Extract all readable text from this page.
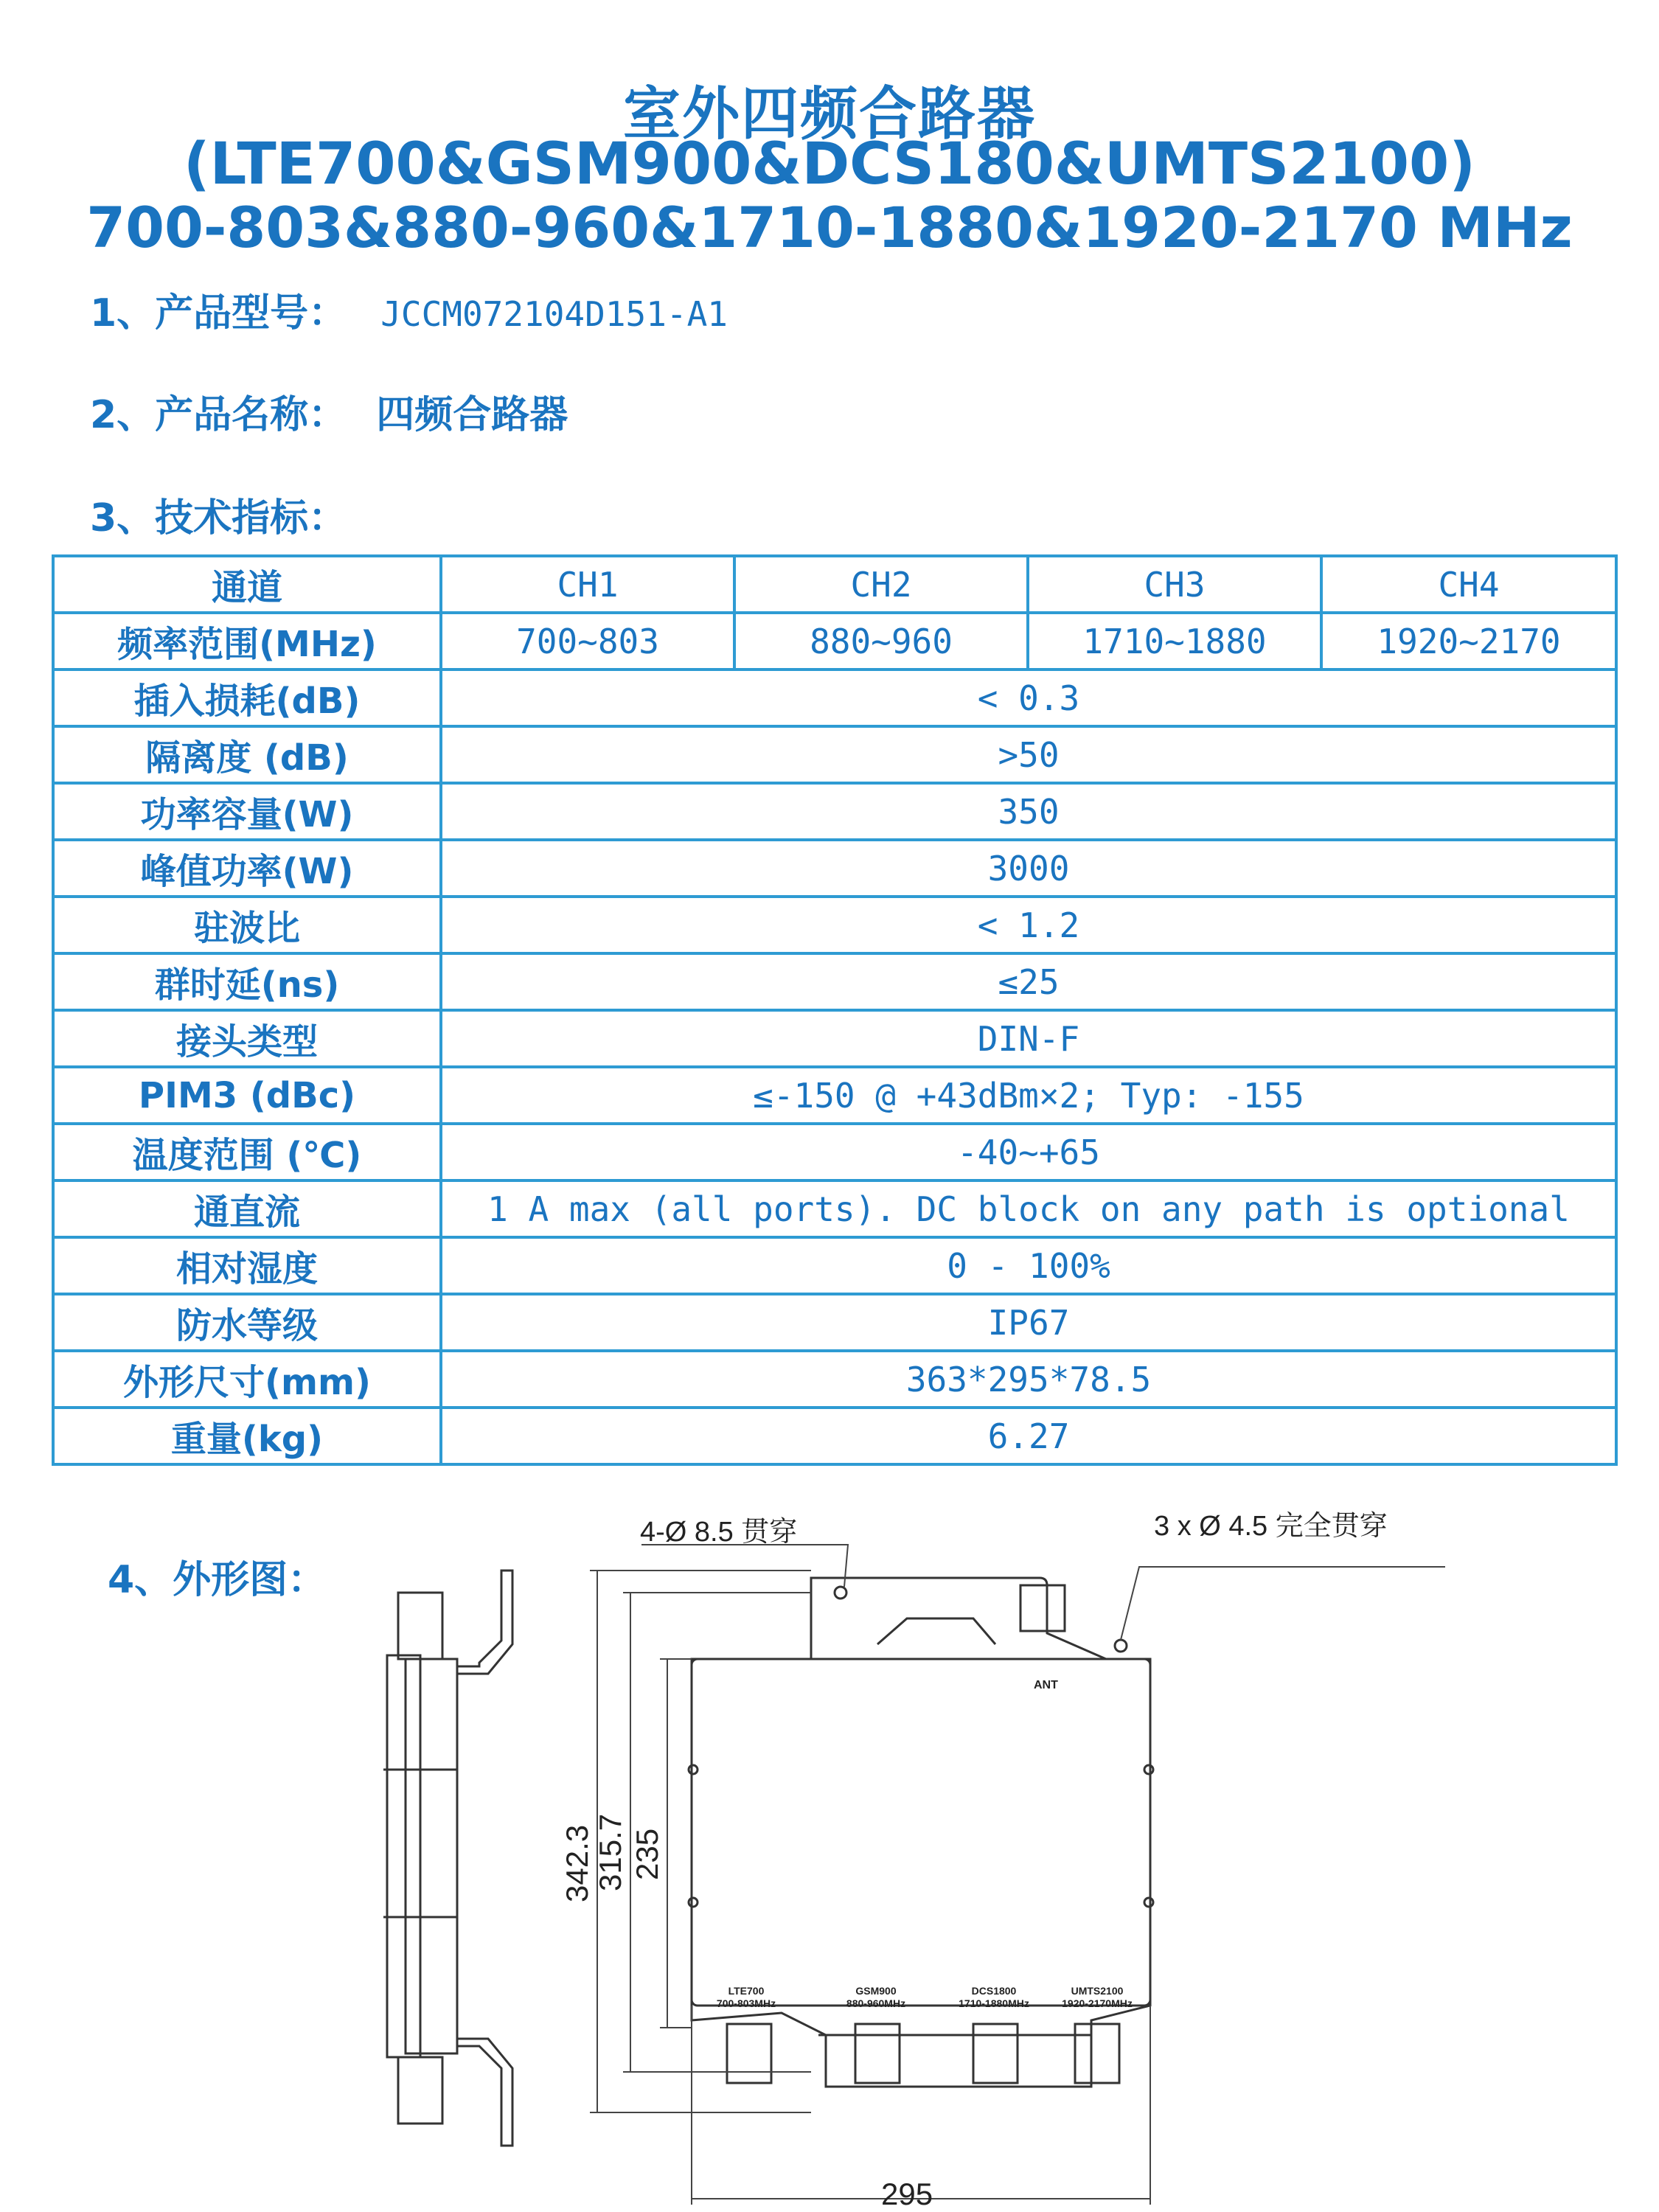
室外四频合路器
(LTE700&GSM900&DCS180&UMTS2100)
700-803&880-960&1710-1880&1920-2170 MHz
1、产品型号： JCCM072104D151-A1
2、产品名称： 四频合路器
3、技术指标：
通道	CH1	CH2	CH3	CH4
频率范围(MHz)	700~803	880~960	1710~1880	1920~2170
插入损耗(dB)	< 0.3			
隔离度 (dB)	>50			
功率容量(W)	350			
峰值功率(W)	3000			
驻波比	< 1.2			
群时延(ns)	≤25			
接头类型	DIN-F			
PIM3 (dBc)	≤-150 @ +43dBm×2; Typ: -155			
温度范围 (℃)	-40~+65			
通直流	1 A max (all ports). DC block on any path is optional			
相对湿度	0 - 100%			
防水等级	IP67			
外形尺寸(mm)	363*295*78.5			
重量(kg)	6.27			
4、外形图：
4-Ø 8.5 贯穿	3 x Ø 4.5 完全贯穿
295
342.3
315.7 235
ANT
LTE700
700-803MHz
GSM900
880-960MHz
DCS1800
1710-1880MHz
UMTS2100
1920-2170MHz
